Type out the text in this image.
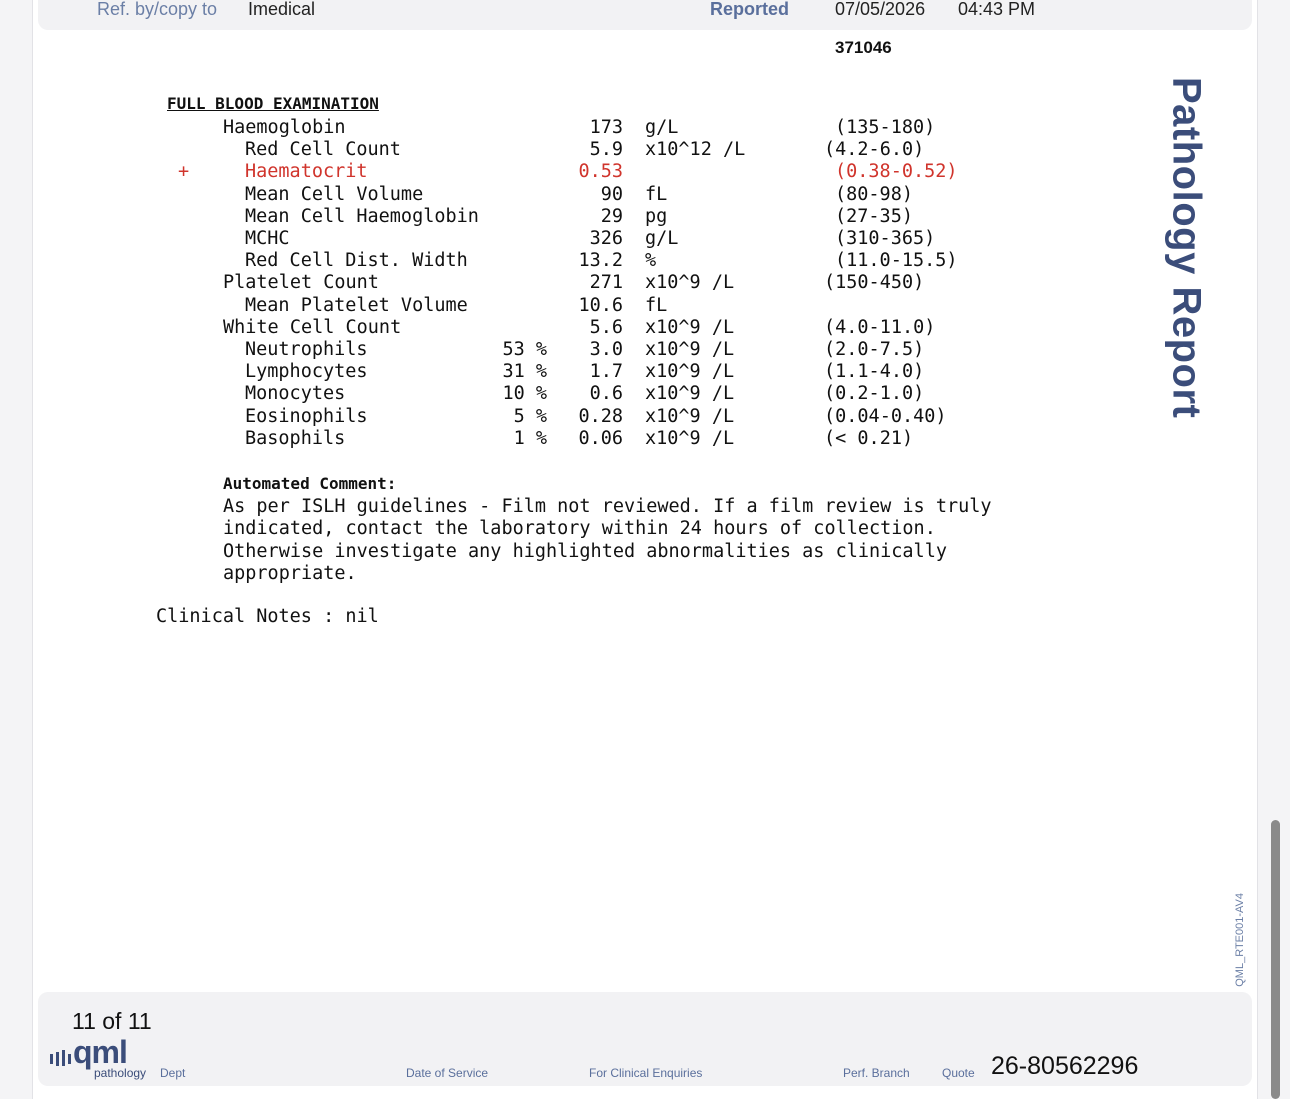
Ref. by/copy to Imedical	Reported	07/05/2026 04:43 PM
371046
Pathology Report
QML_RTE001-AV4
FULL BLOOD EXAMINATION
Haemoglobin	173 g/L	(135-180)
Red Cell Count	5.9 x10^12 /L	(4.2-6.0)
+	Haematocrit	0.53	(0.38-0.52)
Mean Cell Volume	90 fL	(80-98)
Mean Cell Haemoglobin	29 pg	(27-35)
MCHC	326 g/L	(310-365)
Red Cell Dist. Width	13.2 %	(11.0-15.5)
Platelet Count	271 x10^9 /L	(150-450)
Mean Platelet Volume	10.6 fL
White Cell Count	5.6 x10^9 /L	(4.0-11.0)
Neutrophils	53 %	3.0 x10^9 /L	(2.0-7.5)
Lymphocytes	31 %	1.7 x10^9 /L	(1.1-4.0)
Monocytes	10 %	0.6 x10^9 /L	(0.2-1.0)
Eosinophils	5 %	0.28 x10^9 /L	(0.04-0.40)
Basophils	1 %	0.06 x10^9 /L	(< 0.21)
Automated Comment:
As per ISLH guidelines - Film not reviewed. If a film review is truly
indicated, contact the laboratory within 24 hours of collection.
Otherwise investigate any highlighted abnormalities as clinically
appropriate.
Clinical Notes : nil
11 of 11
qml
pathology Dept	Date of Service	For Clinical Enquiries	Perf. Branch	Quote 26-80562296
